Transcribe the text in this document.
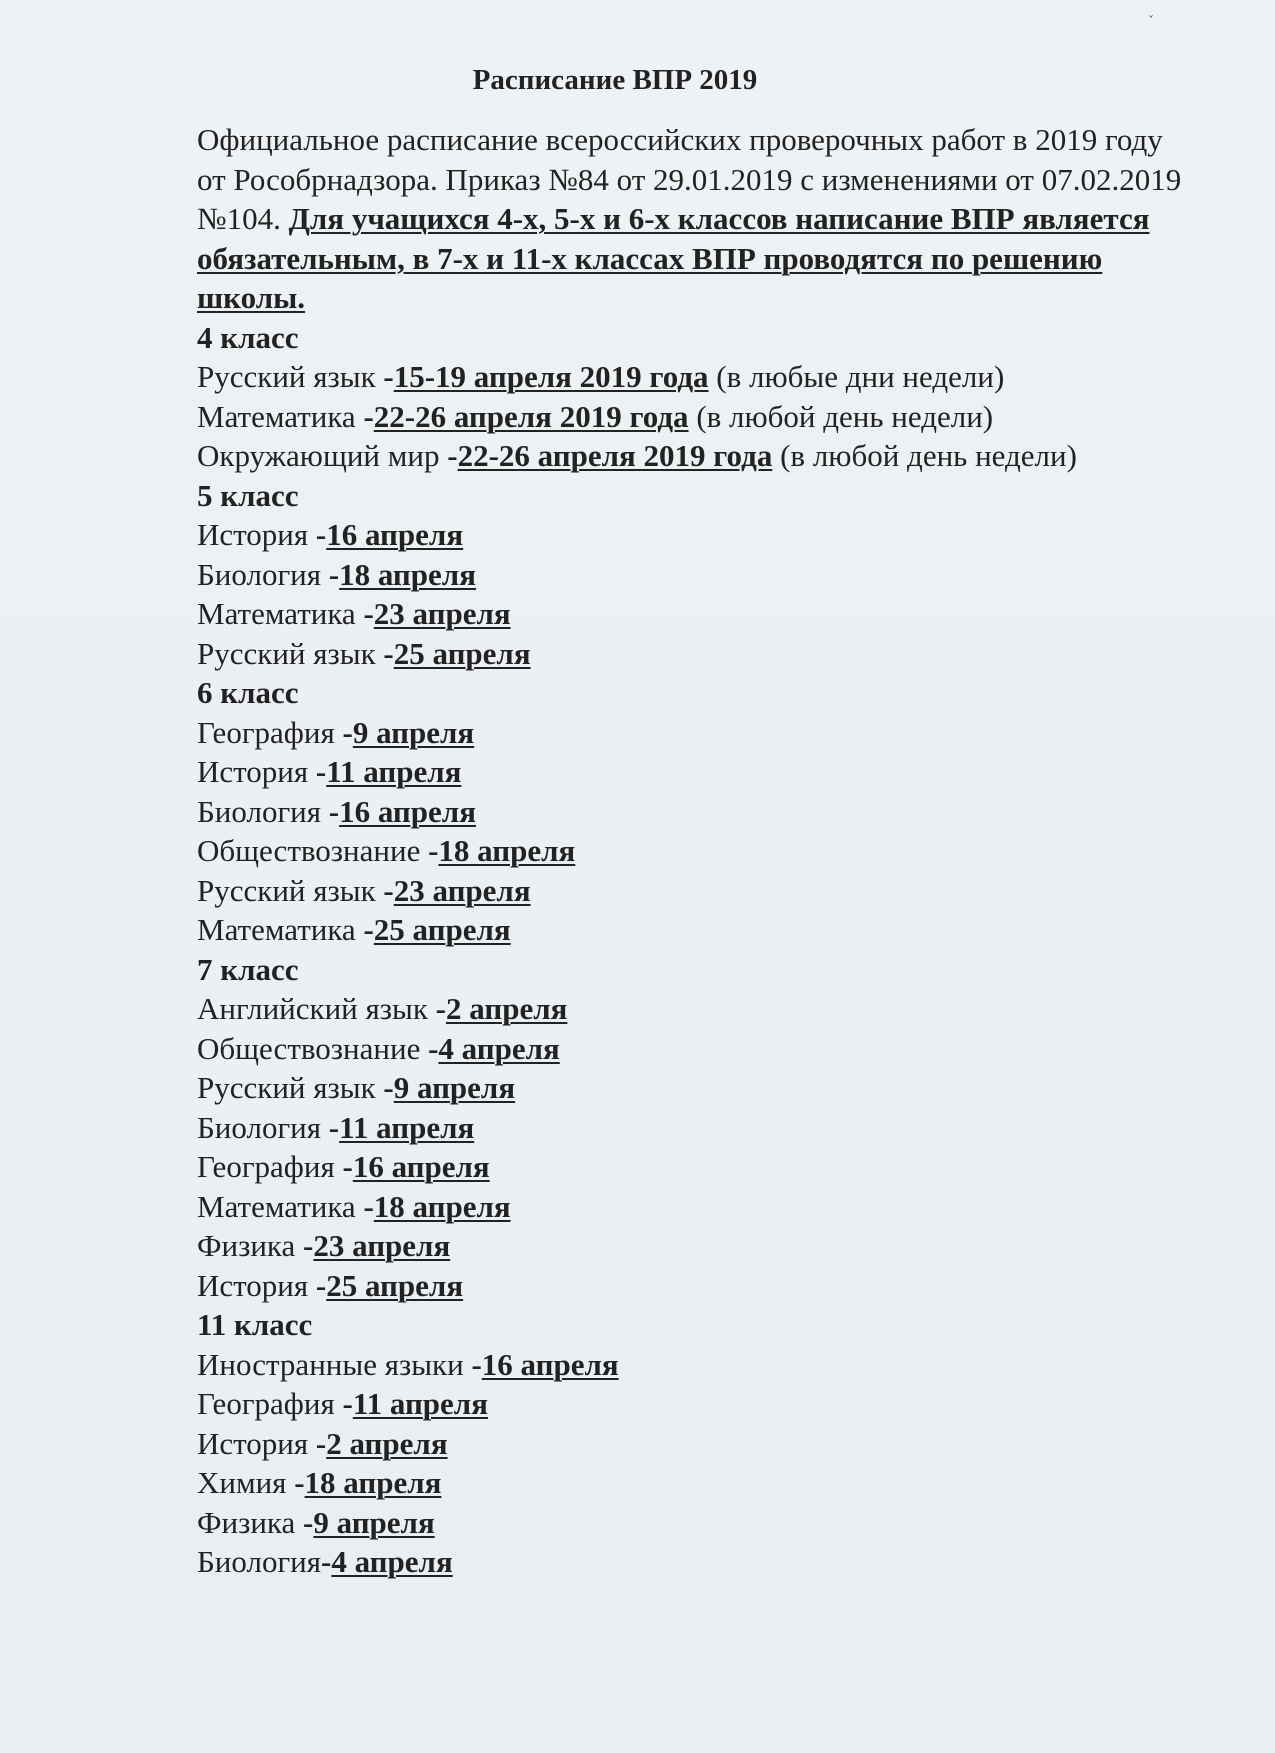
ˇ
Расписание ВПР 2019

Официальное расписание всероссийских проверочных работ в 2019 году от Рособрнадзора. Приказ №84 от 29.01.2019 с изменениями от 07.02.2019 №104. Для учащихся 4-х, 5-х и 6-х классов написание ВПР является обязательным, в 7-х и 11-х классах ВПР проводятся по решению школы.

4 класс
Русский язык -15-19 апреля 2019 года (в любые дни недели)
Математика -22-26 апреля 2019 года (в любой день недели)
Окружающий мир -22-26 апреля 2019 года (в любой день недели)
5 класс
История -16 апреля
Биология -18 апреля
Математика -23 апреля
Русский язык -25 апреля
6 класс
География -9 апреля
История -11 апреля
Биология -16 апреля
Обществознание -18 апреля
Русский язык -23 апреля
Математика -25 апреля
7 класс
Английский язык -2 апреля
Обществознание -4 апреля
Русский язык -9 апреля
Биология -11 апреля
География -16 апреля
Математика -18 апреля
Физика -23 апреля
История -25 апреля
11 класс
Иностранные языки -16 апреля
География -11 апреля
История -2 апреля
Химия -18 апреля
Физика -9 апреля
Биология-4 апреля
